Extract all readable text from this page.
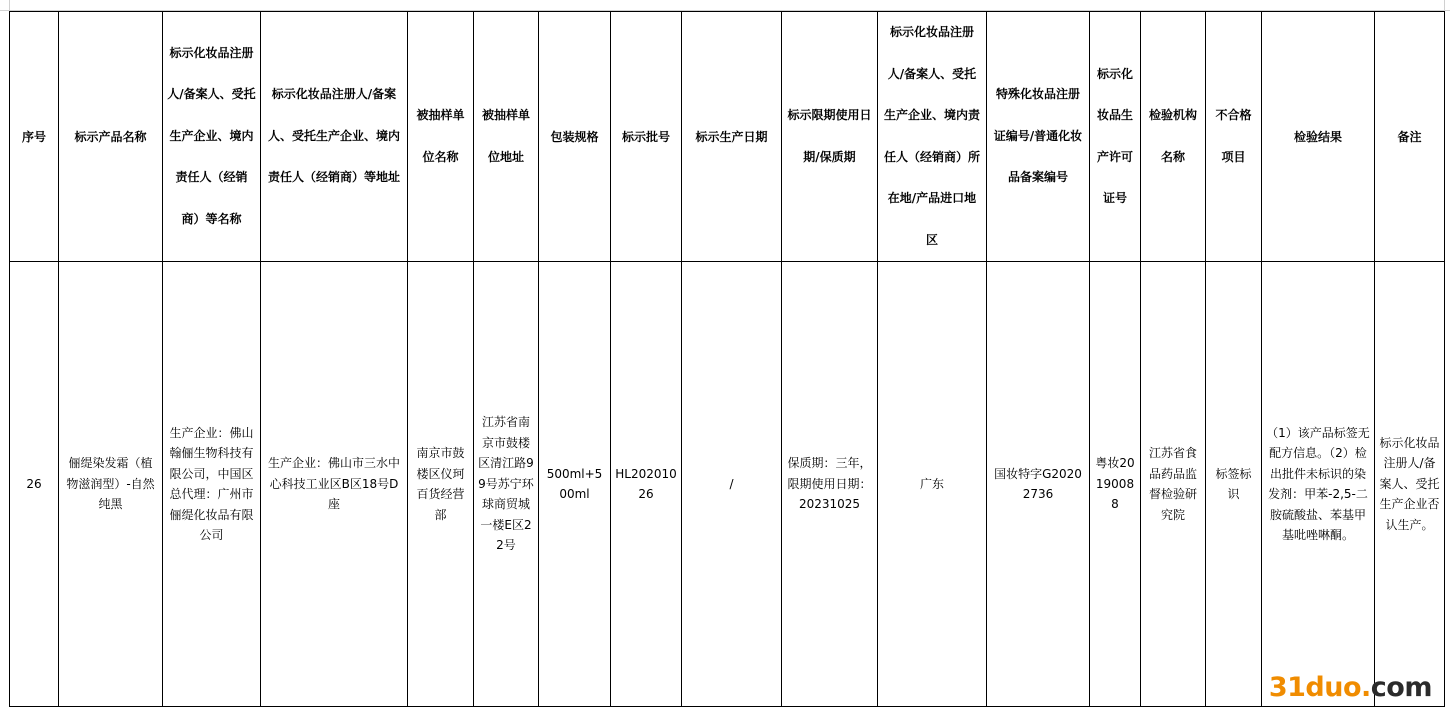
序号	标示产品名称	标示化妆品注册人/备案人、受托生产企业、境内责任人（经销商）等名称	标示化妆品注册人/备案人、受托生产企业、境内责任人（经销商）等地址	被抽样单位名称	被抽样单位地址	包装规格	标示批号	标示生产日期	标示限期使用日期/保质期	标示化妆品注册人/备案人、受托生产企业、境内责任人（经销商）所在地/产品进口地区	特殊化妆品注册证编号/普通化妆品备案编号	标示化妆品生产许可证号	检验机构名称	不合格项目	检验结果	备注
26	俪缇染发霜（植物滋润型）-自然纯黑	生产企业：佛山翰俪生物科技有限公司，中国区总代理：广州市俪缇化妆品有限公司	生产企业：佛山市三水中心科技工业区B区18号D座	南京市鼓楼区仪珂百货经营部	江苏省南京市鼓楼区清江路99号苏宁环球商贸城一楼E区22号	500ml+500ml	HL20201026	/	保质期：三年，限期使用日期：20231025	广东	国妆特字G20202736	粤妆20190088	江苏省食品药品监督检验研究院	标签标识	（1）该产品标签无配方信息。（2）检出批件未标识的染发剂：甲苯-2,5-二胺硫酸盐、苯基甲基吡唑啉酮。	标示化妆品注册人/备案人、受托生产企业否认生产。
31duo.com
